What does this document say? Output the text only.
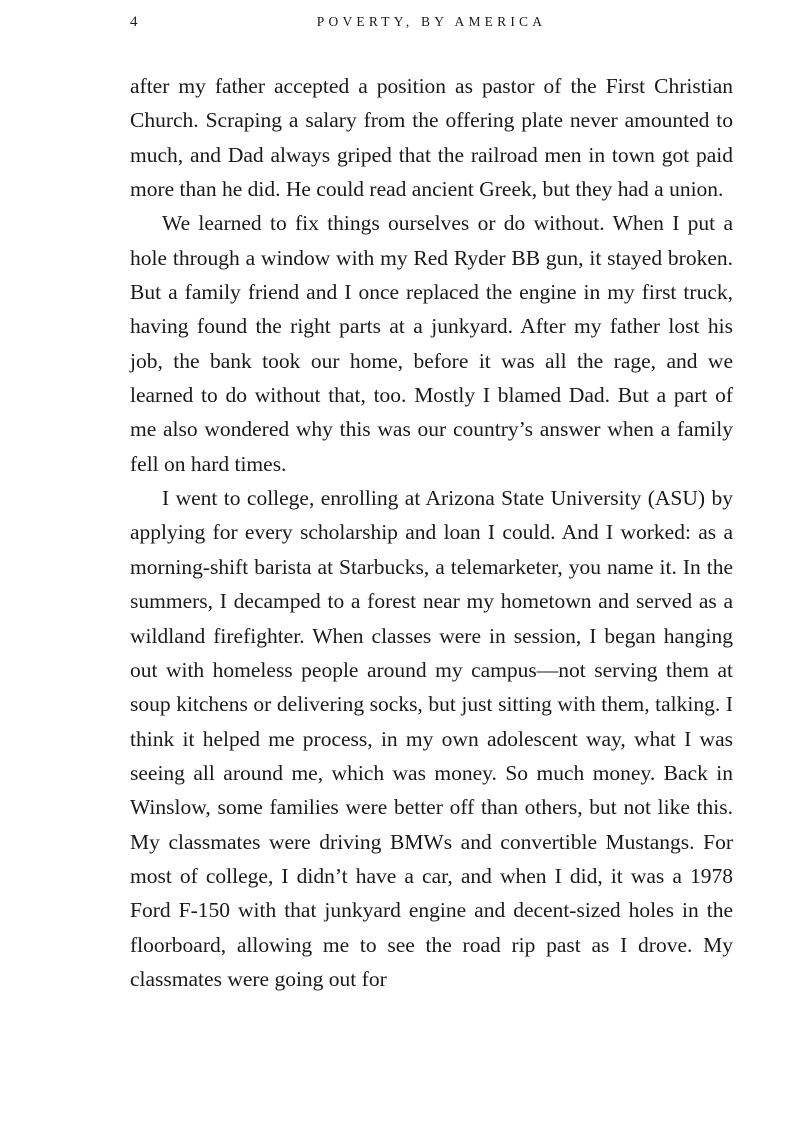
4	POVERTY, BY AMERICA

after my father accepted a position as pastor of the First Christian Church. Scraping a salary from the offering plate never amounted to much, and Dad always griped that the railroad men in town got paid more than he did. He could read ancient Greek, but they had a union.

We learned to fix things ourselves or do without. When I put a hole through a window with my Red Ryder BB gun, it stayed broken. But a family friend and I once replaced the engine in my first truck, having found the right parts at a junkyard. After my father lost his job, the bank took our home, before it was all the rage, and we learned to do without that, too. Mostly I blamed Dad. But a part of me also wondered why this was our country’s answer when a family fell on hard times.

I went to college, enrolling at Arizona State University (ASU) by applying for every scholarship and loan I could. And I worked: as a morning-shift barista at Starbucks, a telemarketer, you name it. In the summers, I decamped to a forest near my hometown and served as a wildland firefighter. When classes were in session, I began hanging out with homeless people around my campus—not serving them at soup kitchens or delivering socks, but just sitting with them, talking. I think it helped me process, in my own adolescent way, what I was seeing all around me, which was money. So much money. Back in Winslow, some families were better off than others, but not like this. My classmates were driving BMWs and convertible Mustangs. For most of college, I didn’t have a car, and when I did, it was a 1978 Ford F-150 with that junkyard engine and decent-sized holes in the floorboard, allowing me to see the road rip past as I drove. My classmates were going out for
